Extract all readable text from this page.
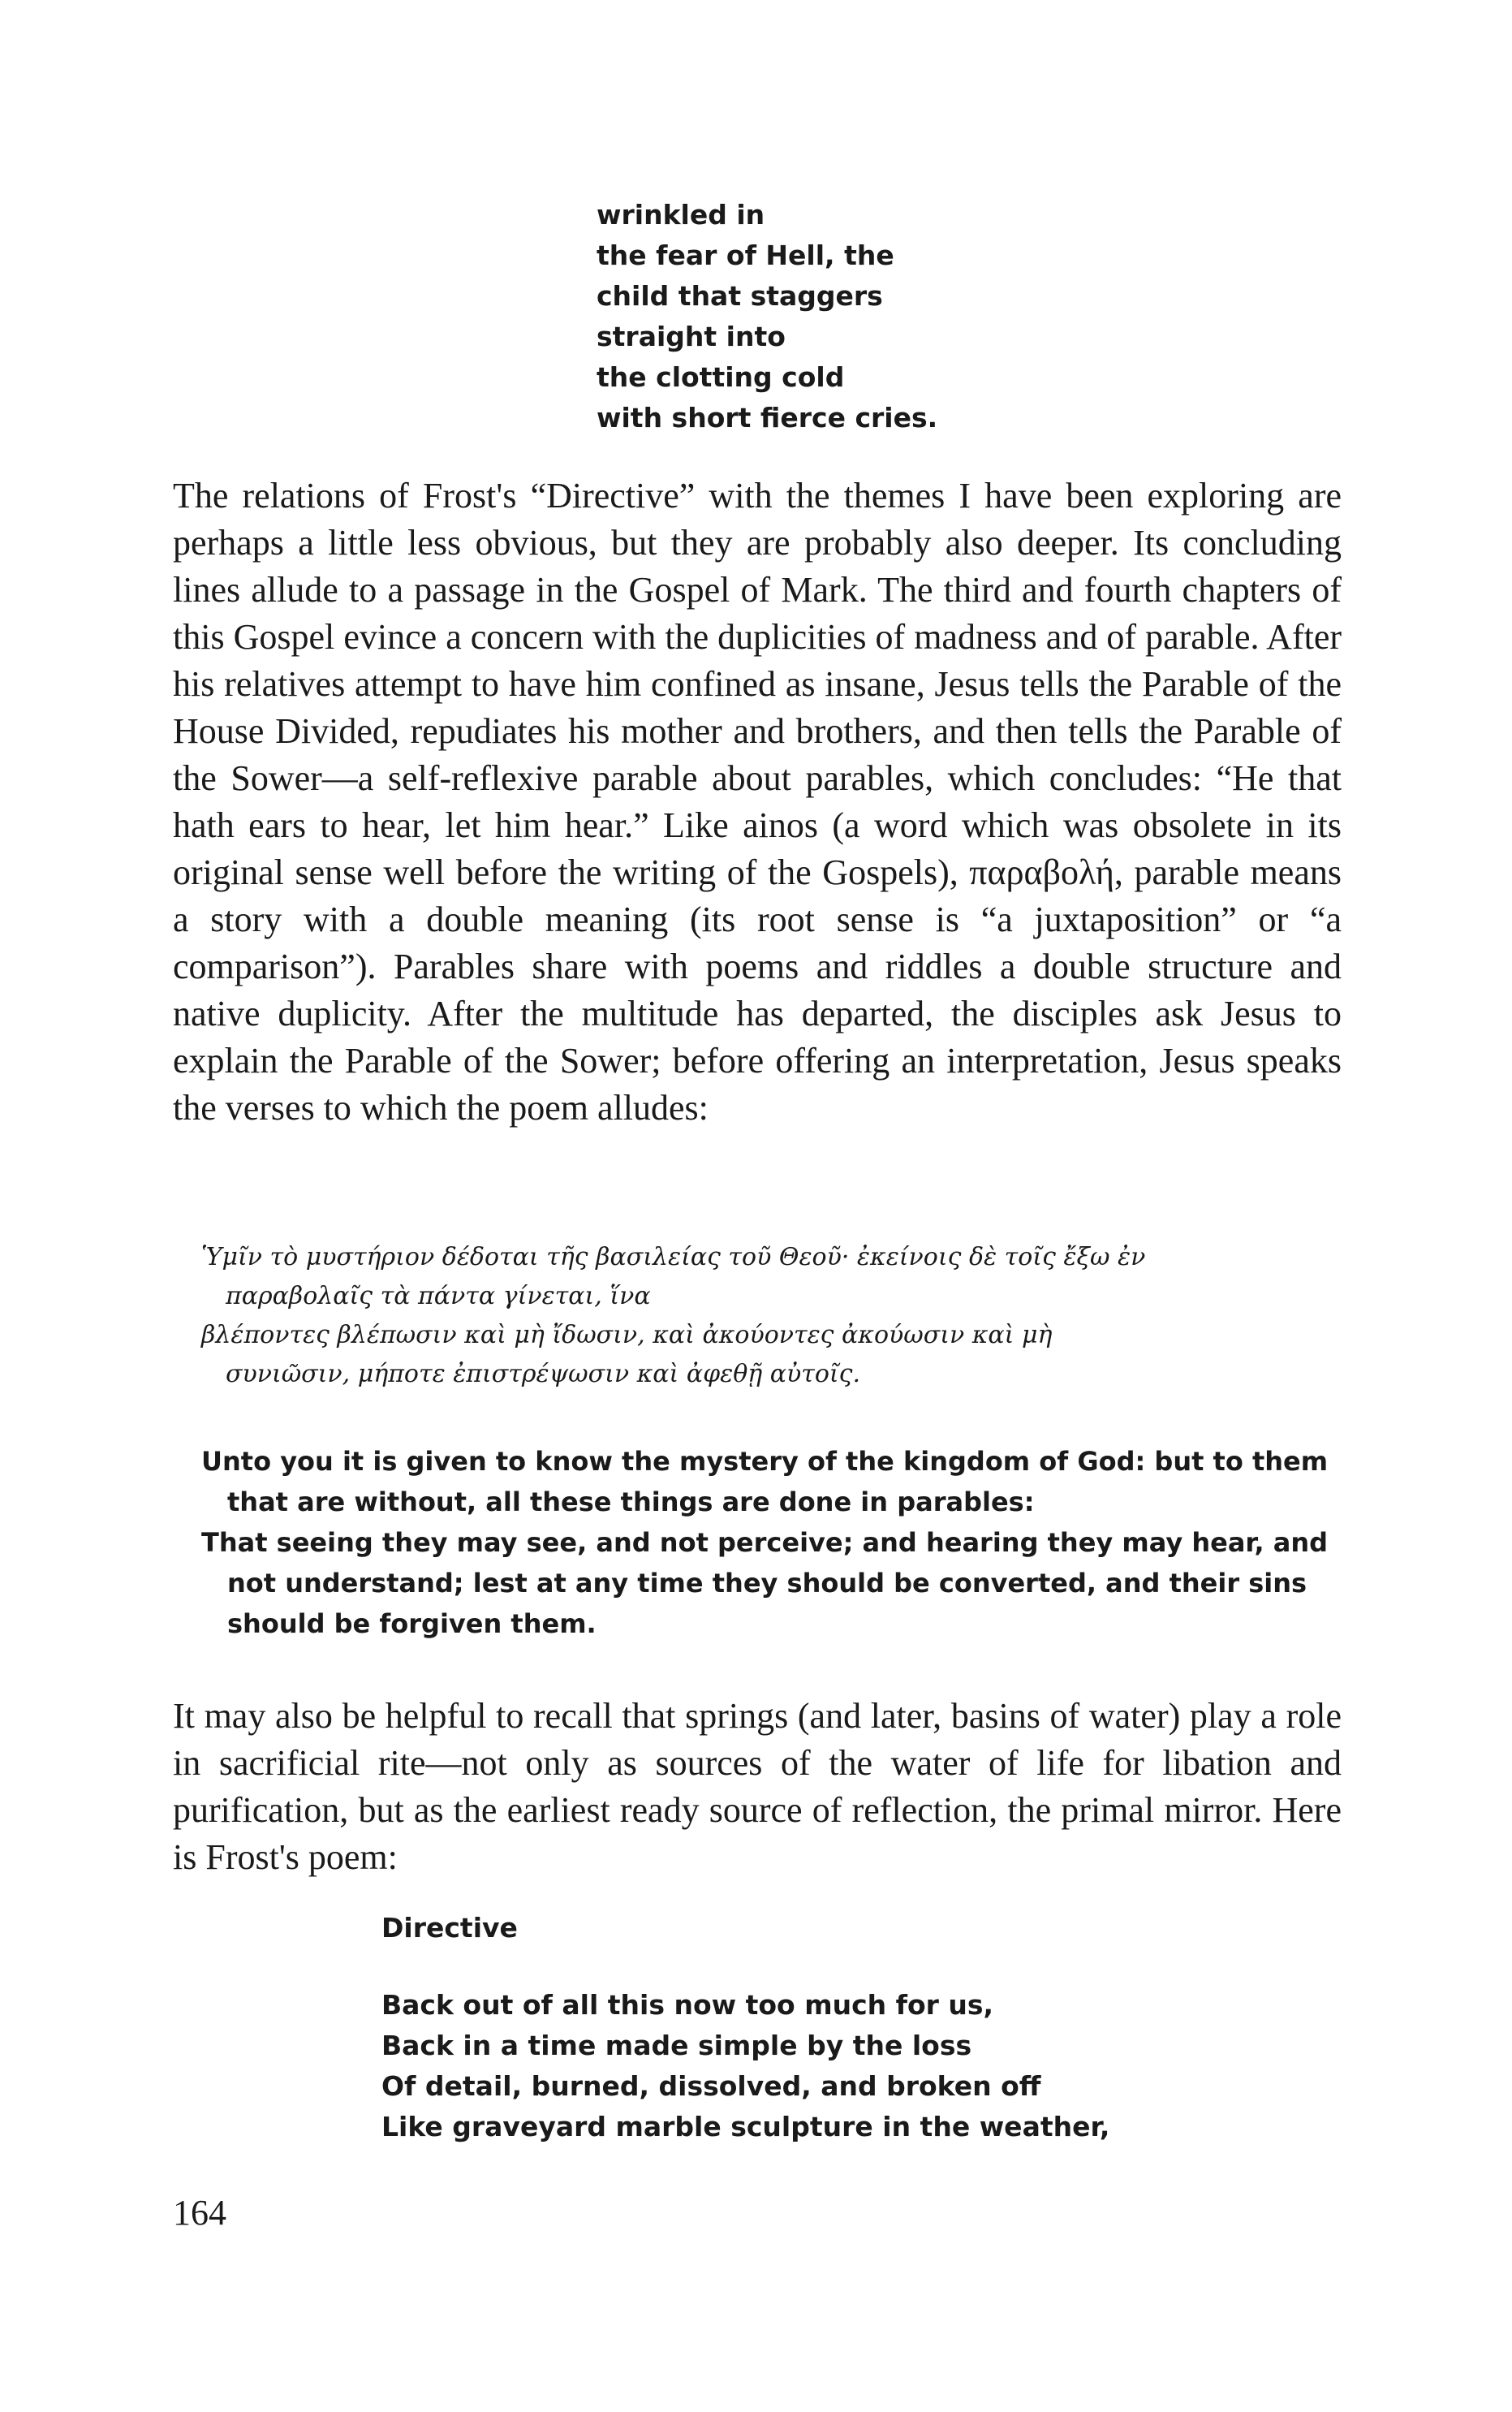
wrinkled in
the fear of Hell, the
child that staggers
straight into
the clotting cold
with short fierce cries.

The relations of Frost's “Directive” with the themes I have been exploring are perhaps a little less obvious, but they are probably also deeper. Its concluding lines allude to a passage in the Gospel of Mark. The third and fourth chapters of this Gospel evince a concern with the duplicities of madness and of parable. After his relatives attempt to have him confined as insane, Jesus tells the Parable of the House Divided, repudiates his mother and brothers, and then tells the Parable of the Sower—a self-reflexive parable about parables, which concludes: “He that hath ears to hear, let him hear.” Like ainos (a word which was obsolete in its original sense well before the writing of the Gospels), παραβολή, parable means a story with a double meaning (its root sense is “a juxtaposition” or “a comparison”). Parables share with poems and riddles a double structure and native duplicity. After the multitude has departed, the disciples ask Jesus to explain the Parable of the Sower; before offering an interpretation, Jesus speaks the verses to which the poem alludes:

Ὑμῖν τὸ μυστήριον δέδοται τῆς βασιλείας τοῦ Θεοῦ· ἐκείνοις δὲ τοῖς ἔξω ἐν
παραβολαῖς τὰ πάντα γίνεται, ἵνα
βλέποντες βλέπωσιν καὶ μὴ ἴδωσιν, καὶ ἀκούοντες ἀκούωσιν καὶ μὴ
συνιῶσιν, μήποτε ἐπιστρέψωσιν καὶ ἀφεθῇ αὐτοῖς.
Unto you it is given to know the mystery of the kingdom of God: but to them that are without, all these things are done in parables:
That seeing they may see, and not perceive; and hearing they may hear, and not understand; lest at any time they should be converted, and their sins should be forgiven them.

It may also be helpful to recall that springs (and later, basins of water) play a role in sacrificial rite—not only as sources of the water of life for libation and purification, but as the earliest ready source of reflection, the primal mirror. Here is Frost's poem:

Directive
Back out of all this now too much for us,
Back in a time made simple by the loss
Of detail, burned, dissolved, and broken off
Like graveyard marble sculpture in the weather,
164
